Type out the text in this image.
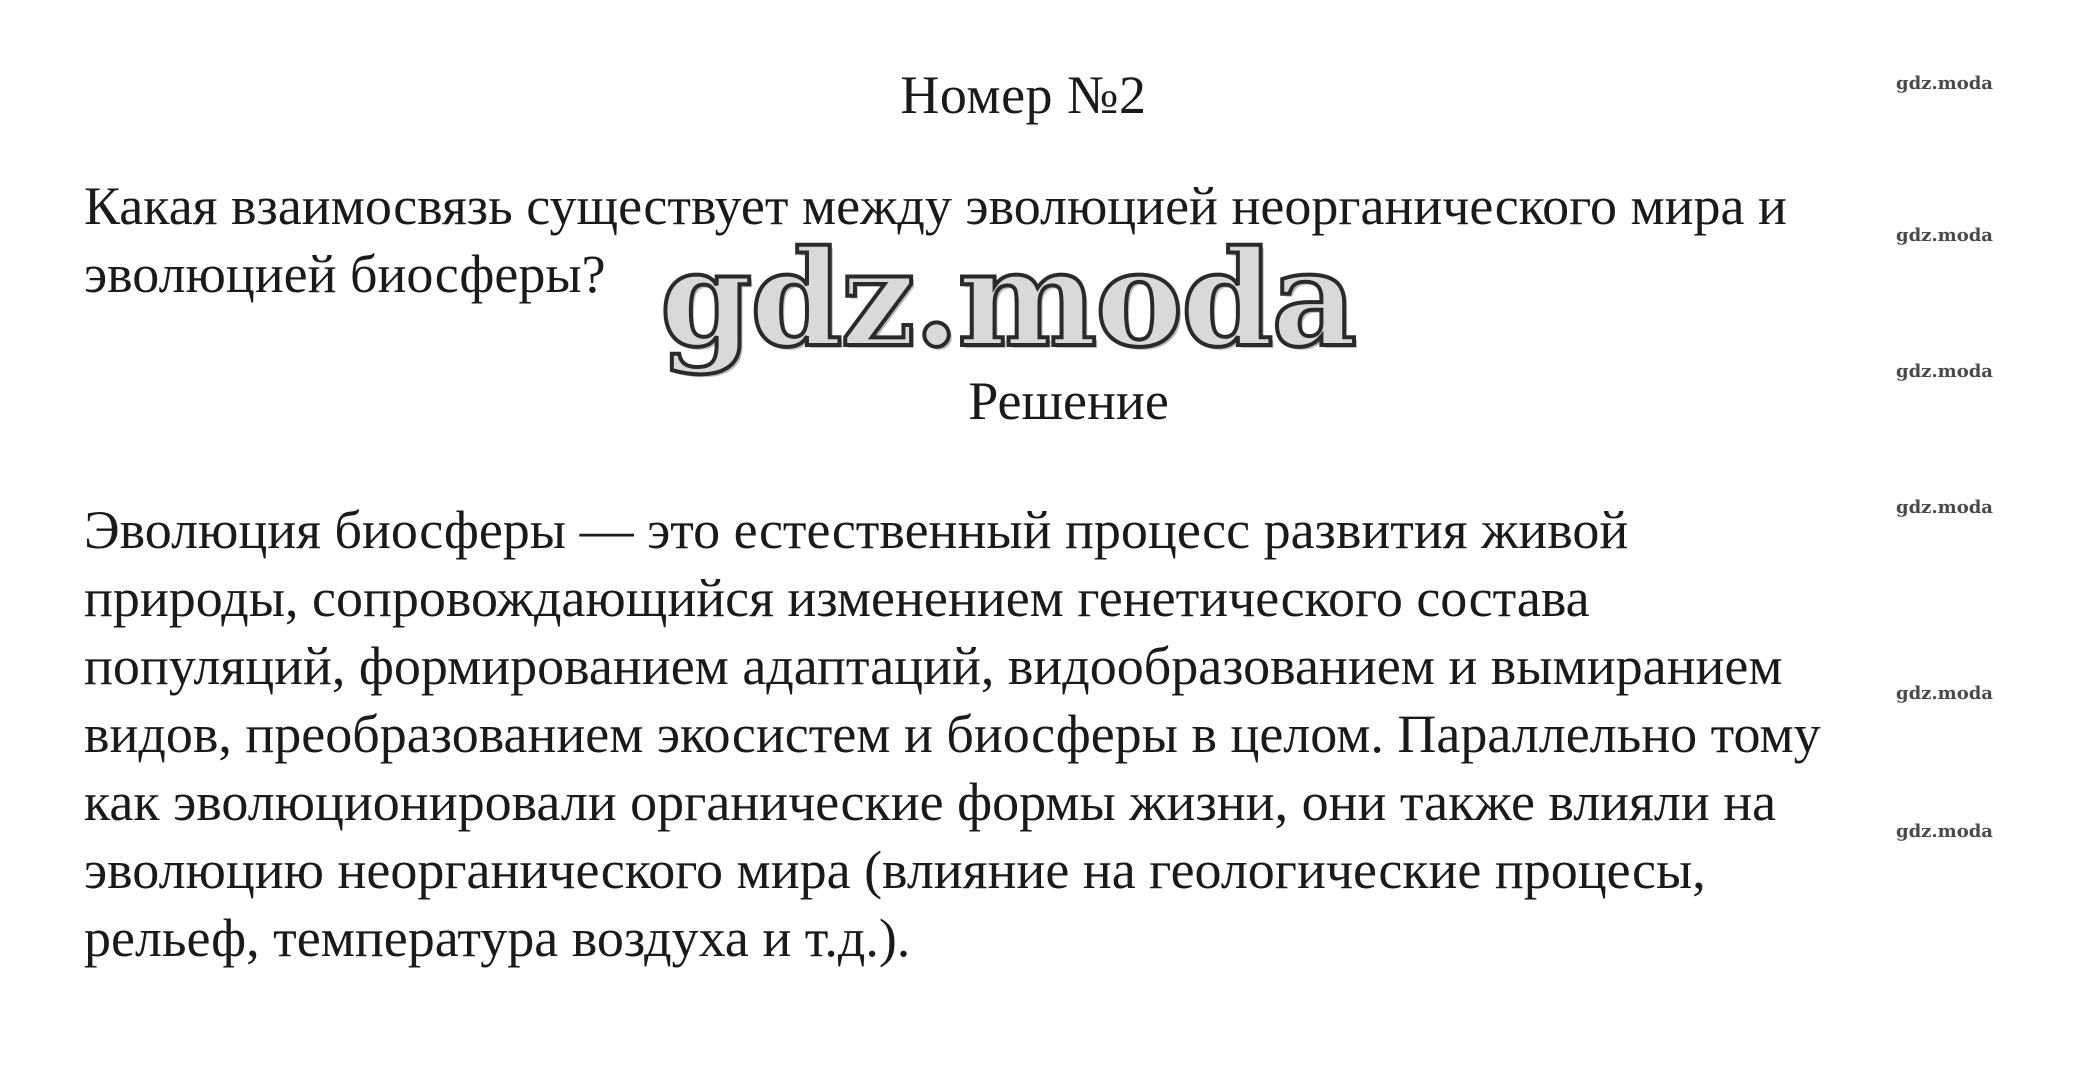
Номер №2
Какая взаимосвязь существует между эволюцией неорганического мира и
эволюцией биосферы? gdz.moda
Решение
Эволюция биосферы — это естественный процесс развития живой
природы, сопровождающийся изменением генетического состава
популяций, формированием адаптаций, видообразованием и вымиранием
видов, преобразованием экосистем и биосферы в целом. Параллельно тому
как эволюционировали органические формы жизни, они также влияли на
эволюцию неорганического мира (влияние на геологические процесы,
рельеф, температура воздуха и т.д.).
gdz.moda
gdz.moda
gdz.moda
gdz.moda
gdz.moda
gdz.moda
